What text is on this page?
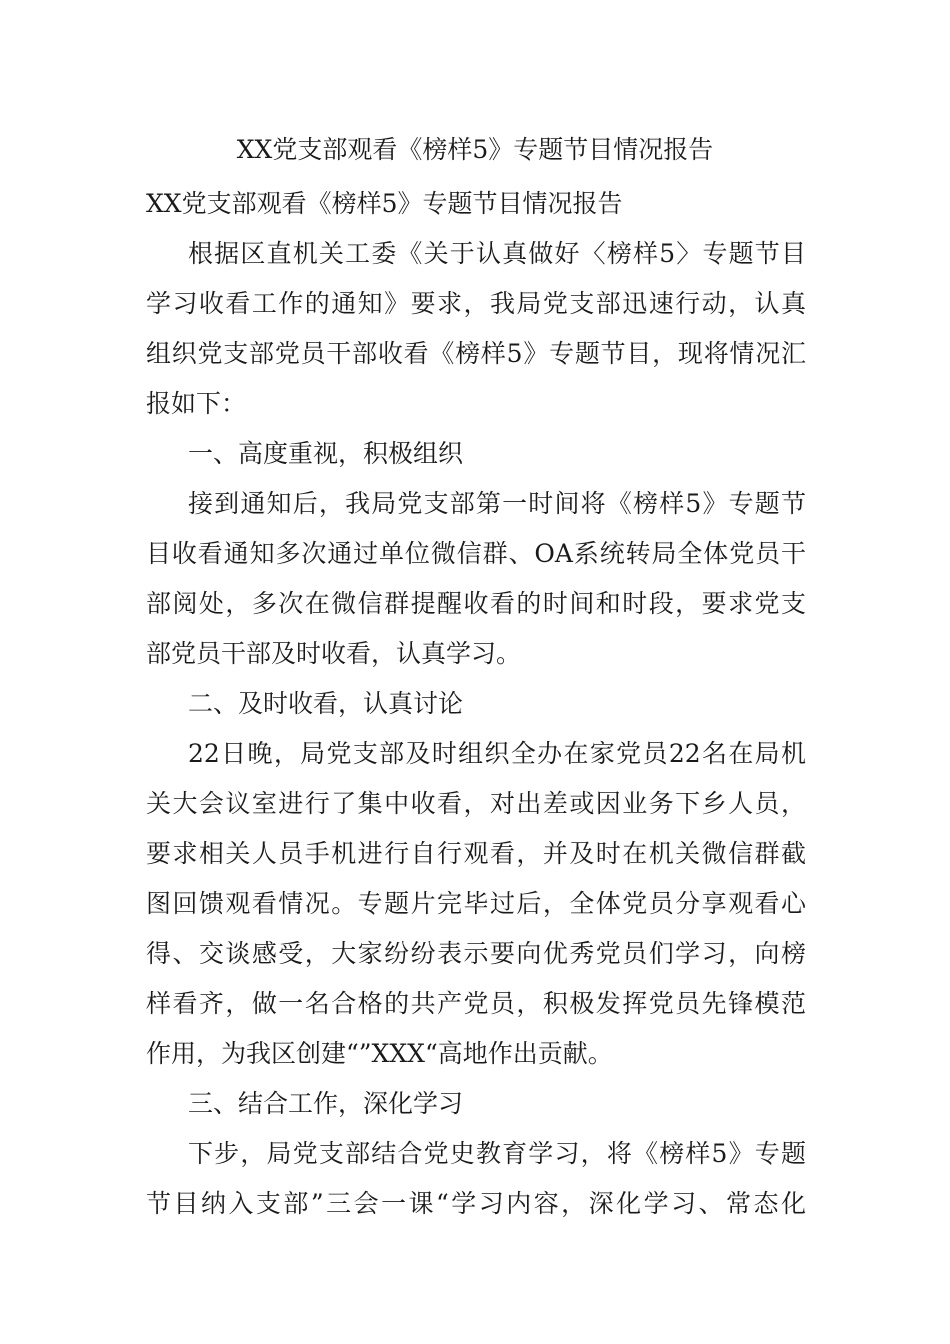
XX党支部观看《榜样5》专题节目情况报告

XX党支部观看《榜样5》专题节目情况报告

根据区直机关工委《关于认真做好〈榜样5〉专题节目
学习收看工作的通知》要求，我局党支部迅速行动，认真
组织党支部党员干部收看《榜样5》专题节目，现将情况汇
报如下：

一、高度重视，积极组织

接到通知后，我局党支部第一时间将《榜样5》专题节
目收看通知多次通过单位微信群、OA系统转局全体党员干
部阅处，多次在微信群提醒收看的时间和时段，要求党支
部党员干部及时收看，认真学习。

二、及时收看，认真讨论

22日晚，局党支部及时组织全办在家党员22名在局机
关大会议室进行了集中收看，对出差或因业务下乡人员，
要求相关人员手机进行自行观看，并及时在机关微信群截
图回馈观看情况。专题片完毕过后，全体党员分享观看心
得、交谈感受，大家纷纷表示要向优秀党员们学习，向榜
样看齐，做一名合格的共产党员，积极发挥党员先锋模范
作用，为我区创建“”XXX“高地作出贡献。

三、结合工作，深化学习

下步，局党支部结合党史教育学习，将《榜样5》专题
节目纳入支部”三会一课“学习内容，深化学习、常态化
